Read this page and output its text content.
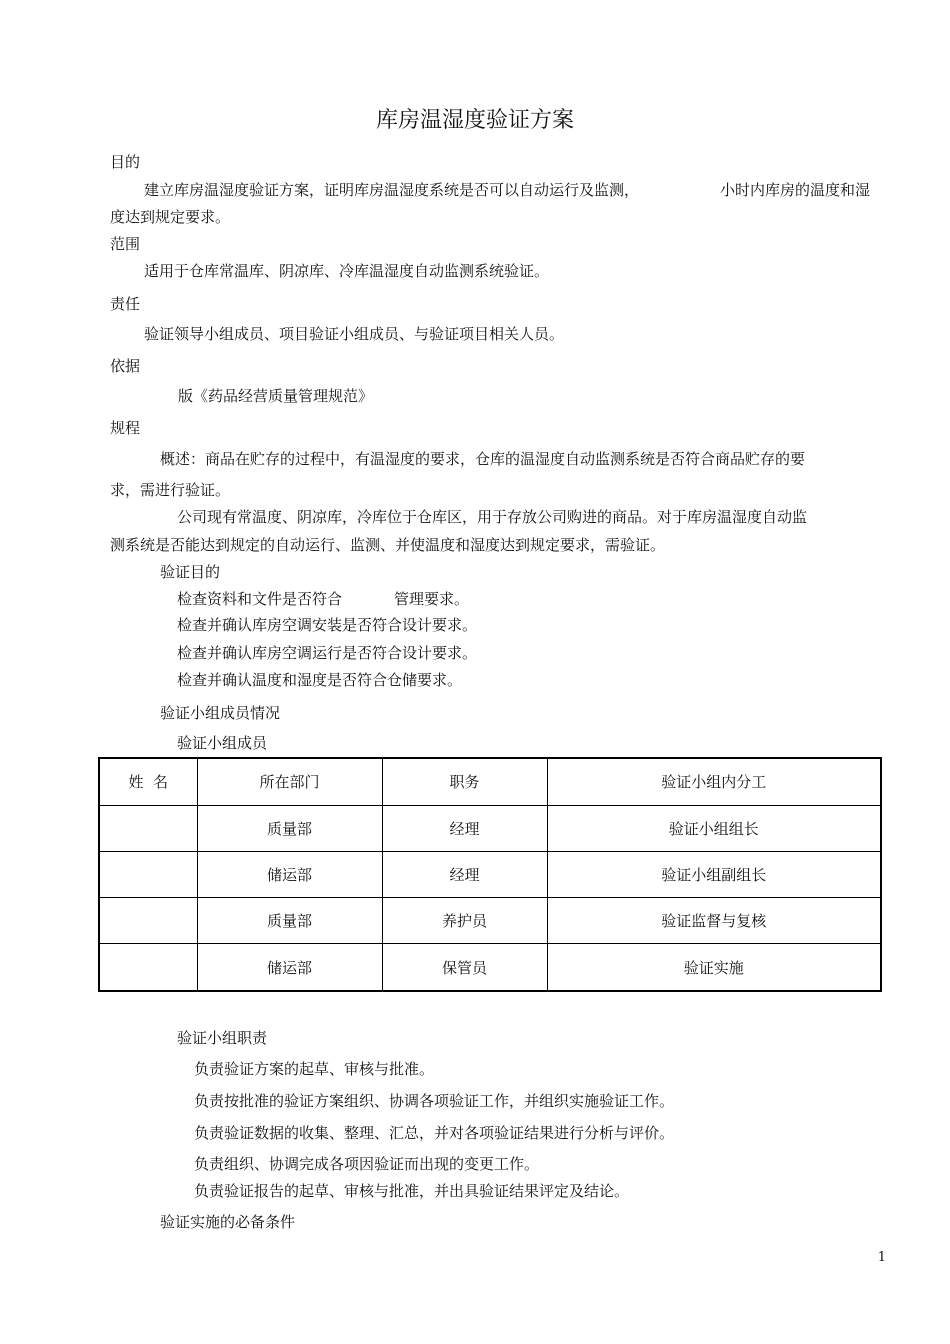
库房温湿度验证方案
目的
建立库房温湿度验证方案，证明库房温湿度系统是否可以自动运行及监测，	小时内库房的温度和湿
度达到规定要求。
范围
适用于仓库常温库、阴凉库、冷库温湿度自动监测系统验证。
责任
验证领导小组成员、项目验证小组成员、与验证项目相关人员。
依据
版《药品经营质量管理规范》
规程
概述：商品在贮存的过程中，有温湿度的要求，仓库的温湿度自动监测系统是否符合商品贮存的要
求，需进行验证。
公司现有常温度、阴凉库，冷库位于仓库区，用于存放公司购进的商品。对于库房温湿度自动监
测系统是否能达到规定的自动运行、监测、并使温度和湿度达到规定要求，需验证。
验证目的
检查资料和文件是否符合	管理要求。
检查并确认库房空调安装是否符合设计要求。
检查并确认库房空调运行是否符合设计要求。
检查并确认温度和湿度是否符合仓储要求。
验证小组成员情况
验证小组成员
姓  名	所在部门	职务	验证小组内分工
	质量部	经理	验证小组组长
	储运部	经理	验证小组副组长
	质量部	养护员	验证监督与复核
	储运部	保管员	验证实施
验证小组职责
负责验证方案的起草、审核与批准。
负责按批准的验证方案组织、协调各项验证工作，并组织实施验证工作。
负责验证数据的收集、整理、汇总，并对各项验证结果进行分析与评价。
负责组织、协调完成各项因验证而出现的变更工作。
负责验证报告的起草、审核与批准，并出具验证结果评定及结论。
验证实施的必备条件
1
